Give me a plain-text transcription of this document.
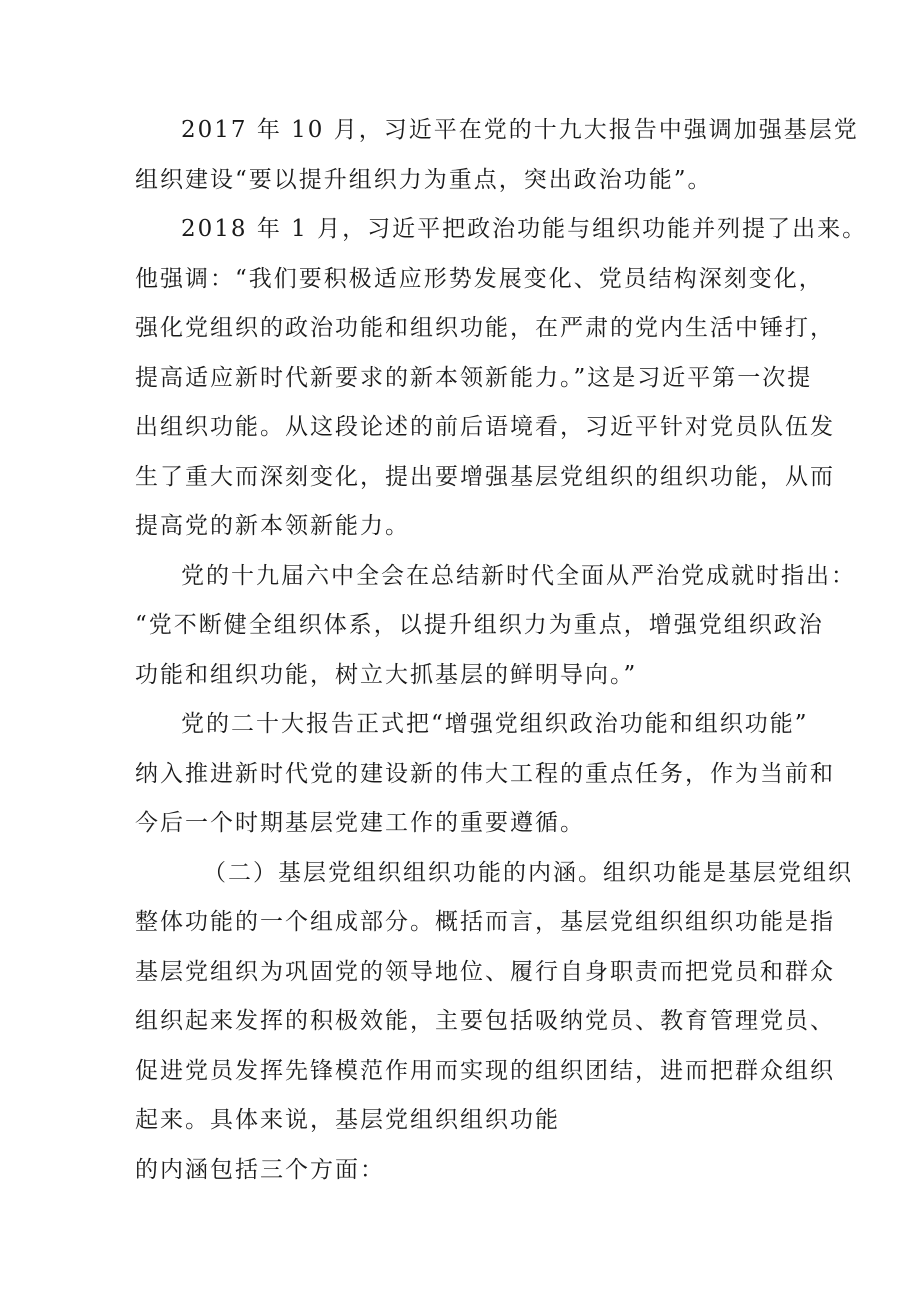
2017 年 10 月，习近平在党的十九大报告中强调加强基层党
组织建设“要以提升组织力为重点，突出政治功能”。
2018 年 1 月，习近平把政治功能与组织功能并列提了出来。
他强调：“我们要积极适应形势发展变化、党员结构深刻变化，
强化党组织的政治功能和组织功能，在严肃的党内生活中锤打，
提高适应新时代新要求的新本领新能力。”这是习近平第一次提
出组织功能。从这段论述的前后语境看，习近平针对党员队伍发
生了重大而深刻变化，提出要增强基层党组织的组织功能，从而
提高党的新本领新能力。
党的十九届六中全会在总结新时代全面从严治党成就时指出：
“党不断健全组织体系，以提升组织力为重点，增强党组织政治
功能和组织功能，树立大抓基层的鲜明导向。”
党的二十大报告正式把“增强党组织政治功能和组织功能”
纳入推进新时代党的建设新的伟大工程的重点任务，作为当前和
今后一个时期基层党建工作的重要遵循。
（二）基层党组织组织功能的内涵。组织功能是基层党组织
整体功能的一个组成部分。概括而言，基层党组织组织功能是指
基层党组织为巩固党的领导地位、履行自身职责而把党员和群众
组织起来发挥的积极效能，主要包括吸纳党员、教育管理党员、
促进党员发挥先锋模范作用而实现的组织团结，进而把群众组织
起来。具体来说，基层党组织组织功能
的内涵包括三个方面：
